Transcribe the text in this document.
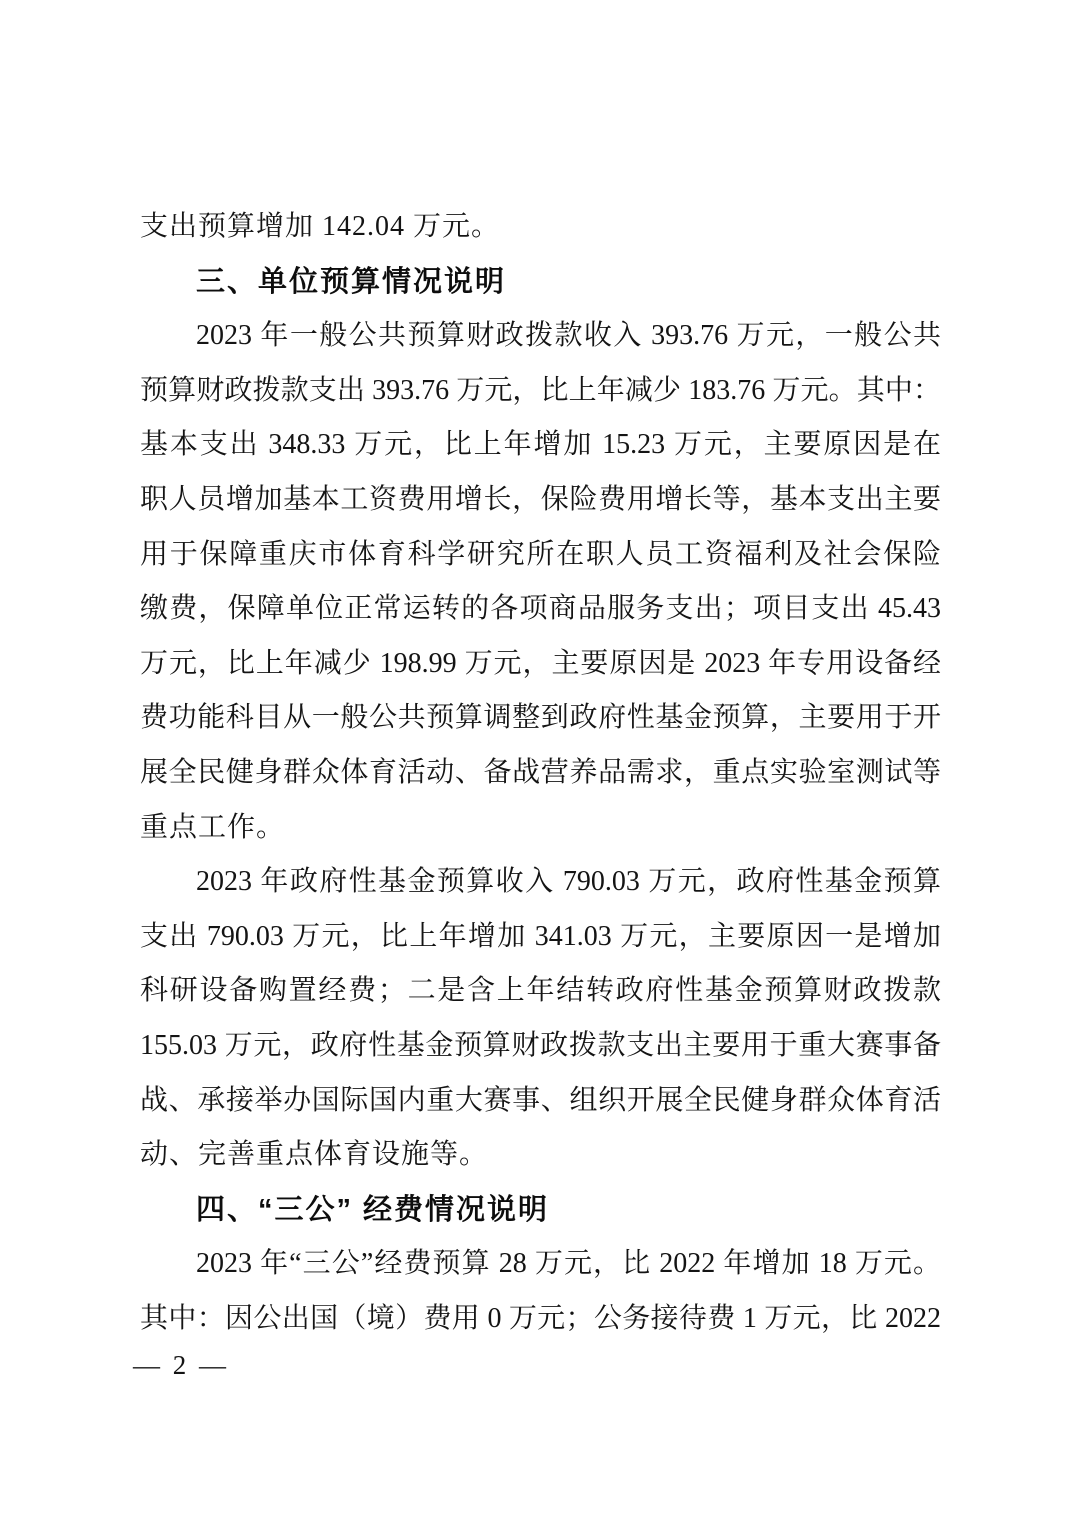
支出预算增加 142.04 万元。
三、单位预算情况说明
2023 年一般公共预算财政拨款收入 393.76 万元，一般公共
预算财政拨款支出 393.76 万元，比上年减少 183.76 万元。其中：
基本支出 348.33 万元，比上年增加 15.23 万元，主要原因是在
职人员增加基本工资费用增长，保险费用增长等，基本支出主要
用于保障重庆市体育科学研究所在职人员工资福利及社会保险
缴费，保障单位正常运转的各项商品服务支出；项目支出 45.43
万元，比上年减少 198.99 万元，主要原因是 2023 年专用设备经
费功能科目从一般公共预算调整到政府性基金预算，主要用于开
展全民健身群众体育活动、备战营养品需求，重点实验室测试等
重点工作。
2023 年政府性基金预算收入 790.03 万元，政府性基金预算
支出 790.03 万元，比上年增加 341.03 万元，主要原因一是增加
科研设备购置经费；二是含上年结转政府性基金预算财政拨款
155.03 万元，政府性基金预算财政拨款支出主要用于重大赛事备
战、承接举办国际国内重大赛事、组织开展全民健身群众体育活
动、完善重点体育设施等。
四、“三公” 经费情况说明
2023 年“三公”经费预算 28 万元，比 2022 年增加 18 万元。
其中：因公出国（境）费用 0 万元；公务接待费 1 万元，比 2022
— 2 —
